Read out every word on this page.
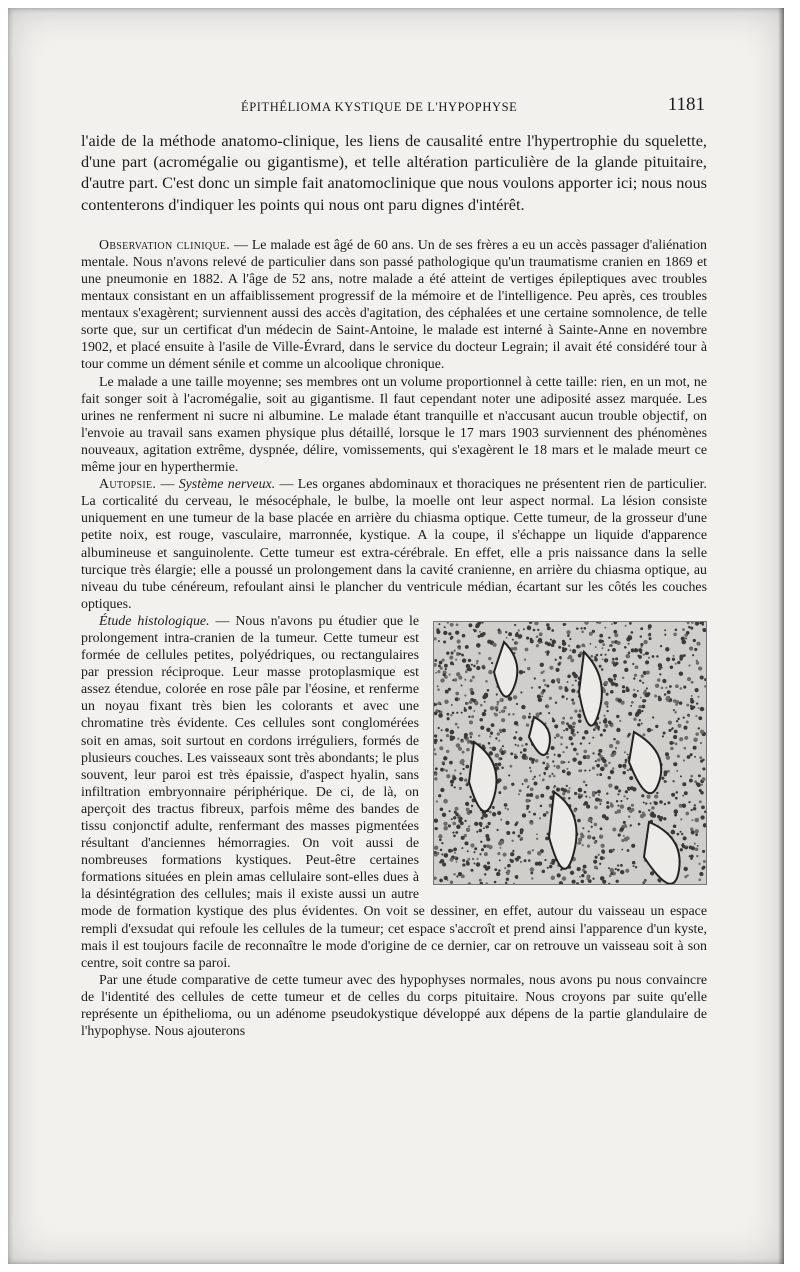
ÉPITHÉLIOMA KYSTIQUE DE L'HYPOPHYSE	1181

l'aide de la méthode anatomo-clinique, les liens de causalité entre l'hypertrophie du squelette, d'une part (acromégalie ou gigantisme), et telle altération particulière de la glande pituitaire, d'autre part. C'est donc un simple fait anatomoclinique que nous voulons apporter ici; nous nous contenterons d'indiquer les points qui nous ont paru dignes d'intérêt.

Observation clinique. — Le malade est âgé de 60 ans. Un de ses frères a eu un accès passager d'aliénation mentale. Nous n'avons relevé de particulier dans son passé pathologique qu'un traumatisme cranien en 1869 et une pneumonie en 1882. A l'âge de 52 ans, notre malade a été atteint de vertiges épileptiques avec troubles mentaux consistant en un affaiblissement progressif de la mémoire et de l'intelligence. Peu après, ces troubles mentaux s'exagèrent; surviennent aussi des accès d'agitation, des céphalées et une certaine somnolence, de telle sorte que, sur un certificat d'un médecin de Saint-Antoine, le malade est interné à Sainte-Anne en novembre 1902, et placé ensuite à l'asile de Ville-Évrard, dans le service du docteur Legrain; il avait été considéré tour à tour comme un dément sénile et comme un alcoolique chronique.

Le malade a une taille moyenne; ses membres ont un volume proportionnel à cette taille: rien, en un mot, ne fait songer soit à l'acromégalie, soit au gigantisme. Il faut cependant noter une adiposité assez marquée. Les urines ne renferment ni sucre ni albumine. Le malade étant tranquille et n'accusant aucun trouble objectif, on l'envoie au travail sans examen physique plus détaillé, lorsque le 17 mars 1903 surviennent des phénomènes nouveaux, agitation extrême, dyspnée, délire, vomissements, qui s'exagèrent le 18 mars et le malade meurt ce même jour en hyperthermie.

Autopsie. — Système nerveux. — Les organes abdominaux et thoraciques ne présentent rien de particulier. La corticalité du cerveau, le mésocéphale, le bulbe, la moelle ont leur aspect normal. La lésion consiste uniquement en une tumeur de la base placée en arrière du chiasma optique. Cette tumeur, de la grosseur d'une petite noix, est rouge, vasculaire, marronnée, kystique. A la coupe, il s'échappe un liquide d'apparence albumineuse et sanguinolente. Cette tumeur est extra-cérébrale. En effet, elle a pris naissance dans la selle turcique très élargie; elle a poussé un prolongement dans la cavité cranienne, en arrière du chiasma optique, au niveau du tube cénéreum, refoulant ainsi le plancher du ventricule médian, écartant sur les côtés les couches optiques.

Étude histologique. — Nous n'avons pu étudier que le prolongement intra-cranien de la tumeur. Cette tumeur est formée de cellules petites, polyédriques, ou rectangulaires par pression réciproque. Leur masse protoplasmique est assez étendue, colorée en rose pâle par l'éosine, et renferme un noyau fixant très bien les colorants et avec une chromatine très évidente. Ces cellules sont conglomérées soit en amas, soit surtout en cordons irréguliers, formés de plusieurs couches. Les vaisseaux sont très abondants; le plus souvent, leur paroi est très épaissie, d'aspect hyalin, sans infiltration embryonnaire périphérique. De ci, de là, on aperçoit des tractus fibreux, parfois même des bandes de tissu conjonctif adulte, renfermant des masses pigmentées résultant d'anciennes hémorragies. On voit aussi de nombreuses formations kystiques. Peut-être certaines formations situées en plein amas cellulaire sont-elles dues à la désintégration des cellules; mais il existe aussi un autre mode de formation kystique des plus évidentes. On voit se dessiner, en effet, autour du vaisseau un espace rempli d'exsudat qui refoule les cellules de la tumeur; cet espace s'accroît et prend ainsi l'apparence d'un kyste, mais il est toujours facile de reconnaître le mode d'origine de ce dernier, car on retrouve un vaisseau soit à son centre, soit contre sa paroi.

Par une étude comparative de cette tumeur avec des hypophyses normales, nous avons pu nous convaincre de l'identité des cellules de cette tumeur et de celles du corps pituitaire. Nous croyons par suite qu'elle représente un épithelioma, ou un adénome pseudokystique développé aux dépens de la partie glandulaire de l'hypophyse. Nous ajouterons
